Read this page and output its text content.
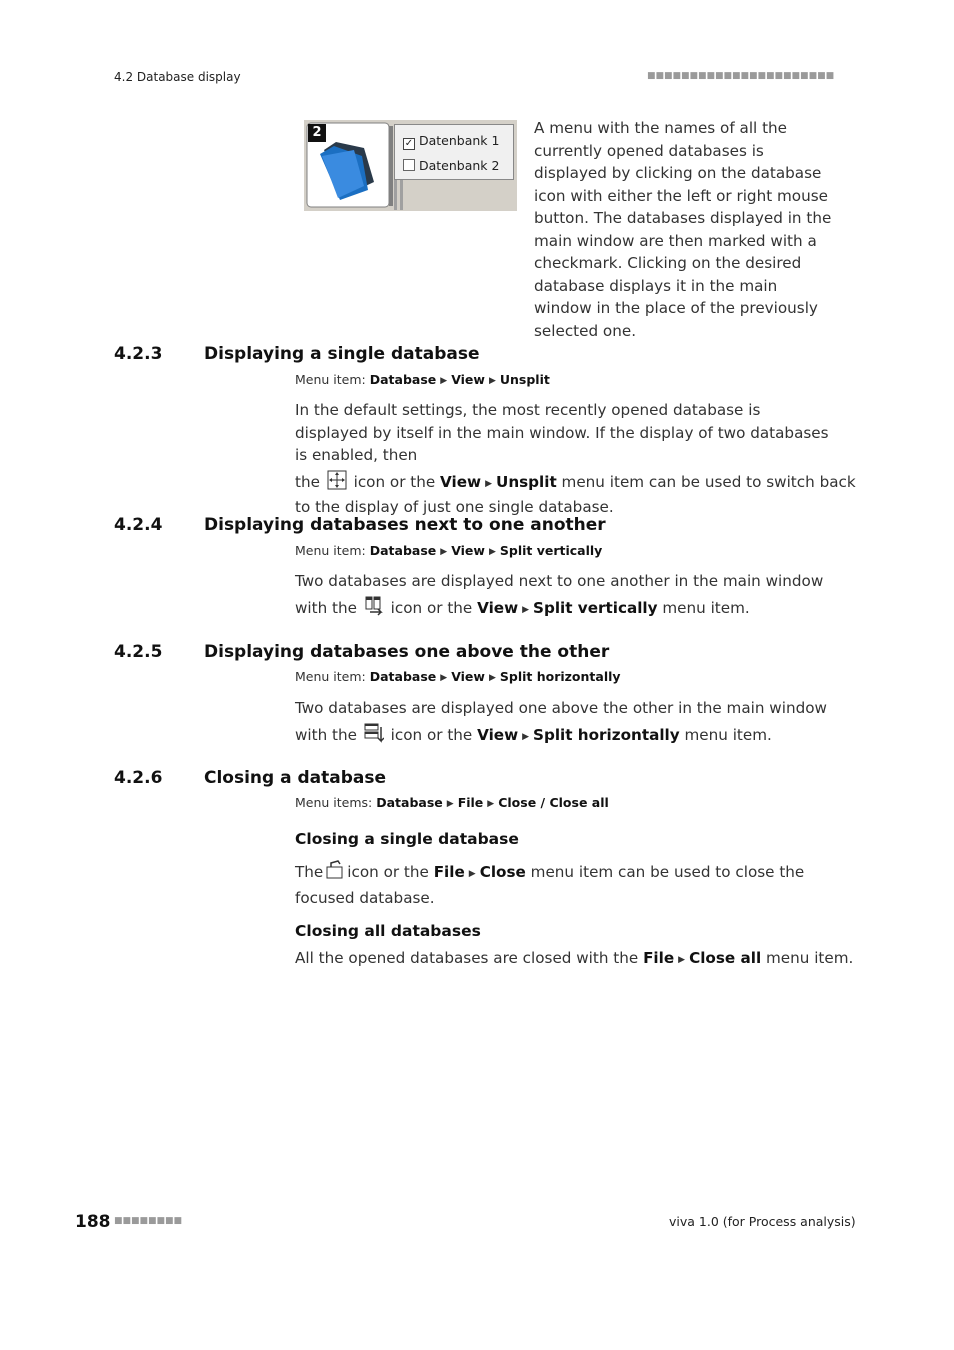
4.2 Database display	■■■■■■■■■■■■■■■■■■■■■■
2
✓ Datenbank 1
Datenbank 2
A menu with the names of all the currently opened databases is displayed by clicking on the database icon with either the left or right mouse button. The databases displayed in the main window are then marked with a checkmark. Clicking on the desired database displays it in the main window in the place of the previously selected one.
4.2.3 Displaying a single database
Menu item: Database ▶ View ▶ Unsplit
In the default settings, the most recently opened database is displayed by itself in the main window. If the display of two databases is enabled, then
the icon or the View ▶ Unsplit menu item can be used to switch back
to the display of just one single database.
4.2.4 Displaying databases next to one another
Menu item: Database ▶ View ▶ Split vertically
Two databases are displayed next to one another in the main window
with the icon or the View ▶ Split vertically menu item.
4.2.5 Displaying databases one above the other
Menu item: Database ▶ View ▶ Split horizontally
Two databases are displayed one above the other in the main window
with the icon or the View ▶ Split horizontally menu item.
4.2.6 Closing a database
Menu items: Database ▶ File ▶ Close / Close all
Closing a single database
The icon or the File ▶ Close menu item can be used to close the
focused database.
Closing all databases
All the opened databases are closed with the File ▶ Close all menu item.
188 ■■■■■■■■	viva 1.0 (for Process analysis)
